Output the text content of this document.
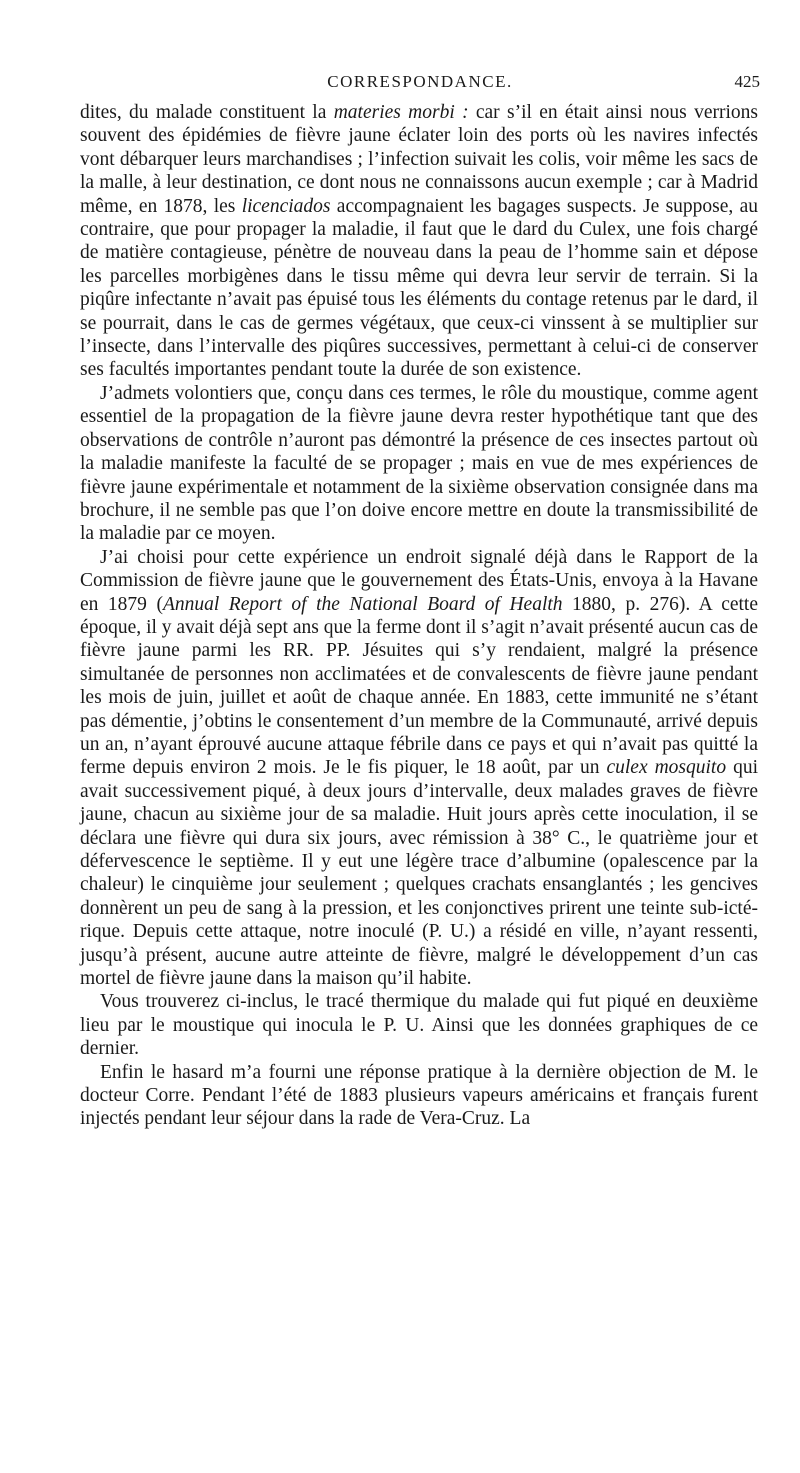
CORRESPONDANCE.	425

dites, du malade constituent la materies morbi : car s’il en était ainsi nous verrions souvent des épidémies de fièvre jaune éclater loin des ports où les navires infectés vont débarquer leurs marchandises ; l’infection suivait les colis, voir même les sacs de la malle, à leur destination, ce dont nous ne connaissons aucun exemple ; car à Madrid même, en 1878, les licenciados accompagnaient les bagages suspects. Je suppose, au contraire, que pour propager la maladie, il faut que le dard du Culex, une fois chargé de matière contagieuse, pénètre de nouveau dans la peau de l’homme sain et dépose les parcelles morbigènes dans le tissu même qui devra leur servir de terrain. Si la piqûre infectante n’avait pas épuisé tous les éléments du contage retenus par le dard, il se pourrait, dans le cas de germes végétaux, que ceux-ci vinssent à se multiplier sur l’insecte, dans l’intervalle des piqûres successives, permettant à celui-ci de conserver ses facultés importantes pendant toute la durée de son existence.

J’admets volontiers que, conçu dans ces termes, le rôle du moustique, comme agent essentiel de la propagation de la fièvre jaune devra rester hypothétique tant que des observations de contrôle n’auront pas démontré la présence de ces insectes partout où la maladie manifeste la faculté de se propager ; mais en vue de mes expériences de fièvre jaune expérimentale et notamment de la sixième observation consignée dans ma brochure, il ne semble pas que l’on doive encore mettre en doute la transmissibilité de la maladie par ce moyen.

J’ai choisi pour cette expérience un endroit signalé déjà dans le Rapport de la Commission de fièvre jaune que le gouvernement des États-Unis, envoya à la Havane en 1879 (Annual Report of the National Board of Health 1880, p. 276). A cette époque, il y avait déjà sept ans que la ferme dont il s’agit n’avait présenté aucun cas de fièvre jaune parmi les RR. PP. Jésuites qui s’y rendaient, malgré la présence simultanée de personnes non acclimatées et de convalescents de fièvre jaune pendant les mois de juin, juillet et août de chaque année. En 1883, cette immunité ne s’étant pas démentie, j’obtins le consentement d’un membre de la Communauté, arrivé depuis un an, n’ayant éprouvé aucune attaque fébrile dans ce pays et qui n’avait pas quitté la ferme depuis environ 2 mois. Je le fis piquer, le 18 août, par un culex mosquito qui avait successivement piqué, à deux jours d’intervalle, deux malades graves de fièvre jaune, chacun au sixième jour de sa maladie. Huit jours après cette inoculation, il se déclara une fièvre qui dura six jours, avec rémission à 38° C., le quatrième jour et défervescence le septième. Il y eut une légère trace d’albumine (opalescence par la chaleur) le cinquième jour seulement ; quelques crachats ensanglantés ; les gencives donnèrent un peu de sang à la pression, et les conjonctives prirent une teinte sub-ictérique. Depuis cette attaque, notre inoculé (P. U.) a résidé en ville, n’ayant ressenti, jusqu’à présent, aucune autre atteinte de fièvre, malgré le développement d’un cas mortel de fièvre jaune dans la maison qu’il habite.

Vous trouverez ci-inclus, le tracé thermique du malade qui fut piqué en deuxième lieu par le moustique qui inocula le P. U. Ainsi que les données graphiques de ce dernier.

Enfin le hasard m’a fourni une réponse pratique à la dernière objection de M. le docteur Corre. Pendant l’été de 1883 plusieurs vapeurs américains et français furent injectés pendant leur séjour dans la rade de Vera-Cruz. La
